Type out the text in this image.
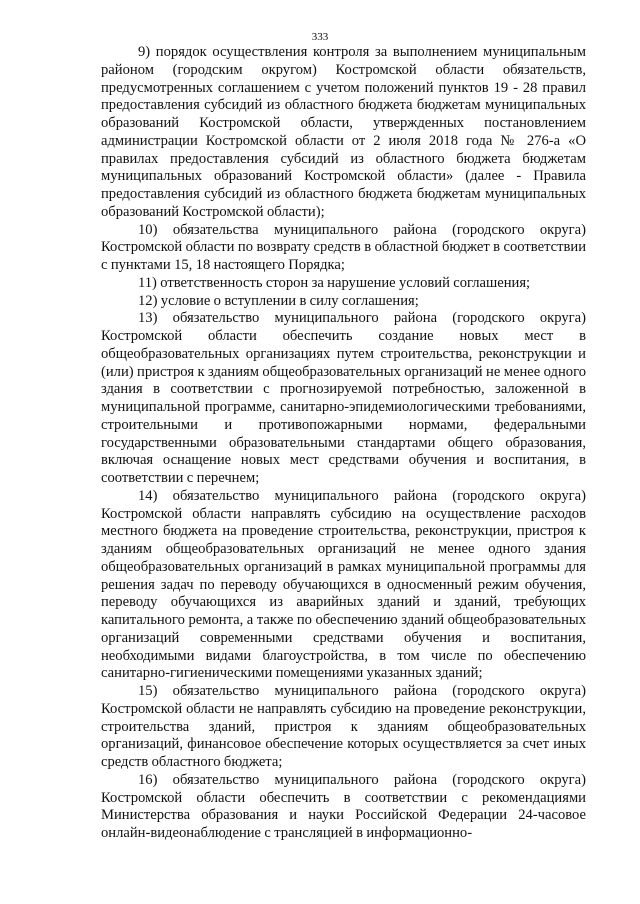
333

9) порядок осуществления контроля за выполнением муниципальным районом (городским округом) Костромской области обязательств, предусмотренных соглашением с учетом положений пунктов 19 - 28 правил предоставления субсидий из областного бюджета бюджетам муниципальных образований Костромской области, утвержденных постановлением администрации Костромской области от 2 июля 2018 года № 276-а «О правилах предоставления субсидий из областного бюджета бюджетам муниципальных образований Костромской области» (далее - Правила предоставления субсидий из областного бюджета бюджетам муниципальных образований Костромской области);

10) обязательства муниципального района (городского округа) Костромской области по возврату средств в областной бюджет в соответствии с пунктами 15, 18 настоящего Порядка;

11) ответственность сторон за нарушение условий соглашения;

12) условие о вступлении в силу соглашения;

13) обязательство муниципального района (городского округа) Костромской области обеспечить создание новых мест в общеобразовательных организациях путем строительства, реконструкции и (или) пристроя к зданиям общеобразовательных организаций не менее одного здания в соответствии с прогнозируемой потребностью, заложенной в муниципальной программе, санитарно-эпидемиологическими требованиями, строительными и противопожарными нормами, федеральными государственными образовательными стандартами общего образования, включая оснащение новых мест средствами обучения и воспитания, в соответствии с перечнем;

14) обязательство муниципального района (городского округа) Костромской области направлять субсидию на осуществление расходов местного бюджета на проведение строительства, реконструкции, пристроя к зданиям общеобразовательных организаций не менее одного здания общеобразовательных организаций в рамках муниципальной программы для решения задач по переводу обучающихся в односменный режим обучения, переводу обучающихся из аварийных зданий и зданий, требующих капитального ремонта, а также по обеспечению зданий общеобразовательных организаций современными средствами обучения и воспитания, необходимыми видами благоустройства, в том числе по обеспечению санитарно-гигиеническими помещениями указанных зданий;

15) обязательство муниципального района (городского округа) Костромской области не направлять субсидию на проведение реконструкции, строительства зданий, пристроя к зданиям общеобразовательных организаций, финансовое обеспечение которых осуществляется за счет иных средств областного бюджета;

16) обязательство муниципального района (городского округа) Костромской области обеспечить в соответствии с рекомендациями Министерства образования и науки Российской Федерации 24-часовое онлайн-видеонаблюдение с трансляцией в информационно-
